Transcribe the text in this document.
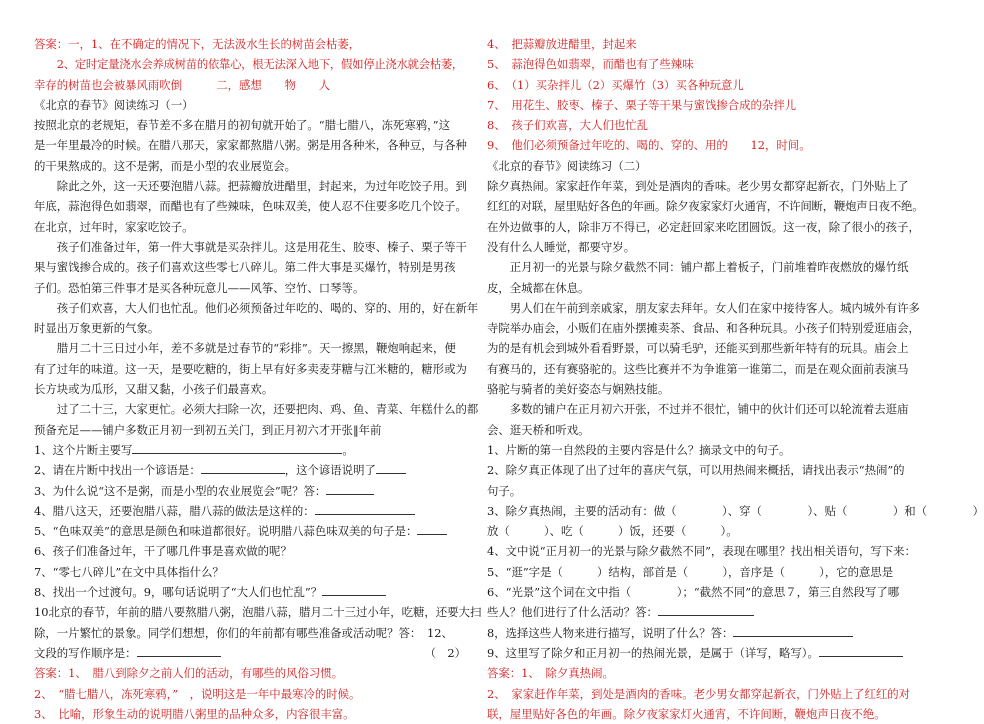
答案：一，1、在不确定的情况下，无法汲水生长的树苗会枯萎，
2、定时定量浇水会养成树苗的依靠心，根无法深入地下，假如停止浇水就会枯萎，
幸存的树苗也会被暴风雨吹倒　　　二，感想　　物　　人
《北京的春节》阅读练习（一）
按照北京的老规矩，春节差不多在腊月的初旬就开始了。“腊七腊八，冻死寒鸦，”这
是一年里最冷的时候。在腊八那天，家家都熬腊八粥。粥是用各种米，各种豆，与各种
的干果熬成的。这不是粥，而是小型的农业展览会。
除此之外，这一天还要泡腊八蒜。把蒜瓣放进醋里，封起来，为过年吃饺子用。到
年底，蒜泡得色如翡翠，而醋也有了些辣味，色味双美，使人忍不住要多吃几个饺子。
在北京，过年时，家家吃饺子。
孩子们准备过年，第一件大事就是买杂拌儿。这是用花生、胶枣、榛子、栗子等干
果与蜜饯掺合成的。孩子们喜欢这些零七八碎儿。第二件大事是买爆竹，特别是男孩
子们。恐怕第三件事才是买各种玩意儿——风筝、空竹、口琴等。
孩子们欢喜，大人们也忙乱。他们必须预备过年吃的、喝的、穿的、用的，好在新年
时显出万象更新的气象。
腊月二十三日过小年，差不多就是过春节的“彩排”。天一擦黑，鞭炮响起来，便
有了过年的味道。这一天，是要吃糖的，街上早有好多卖麦芽糖与江米糖的，糖形或为
长方块或为瓜形，又甜又黏，小孩子们最喜欢。
过了二十三，大家更忙。必须大扫除一次，还要把肉、鸡、鱼、青菜、年糕什么的都
预备充足——铺户多数正月初一到初五关门，到正月初六才开张‖年前
1、这个片断主要写	。
2、请在片断中找出一个谚语是：	，这个谚语说明了
3、为什么说“这不是粥，而是小型的农业展览会”呢？答：
4、腊八这天，还要泡腊八蒜，腊八蒜的做法是这样的：
5、“色味双美”的意思是颜色和味道都很好。说明腊八蒜色味双美的句子是：
6、孩子们准备过年，干了哪几件事是喜欢做的呢？
7、“零七八碎儿”在文中具体指什么？
8、找出一个过渡句。9，哪句话说明了“大人们也忙乱”？
10北京的春节，年前的腊八要熬腊八粥，泡腊八蒜，腊月二十三过小年，吃糖，还要大扫
除，一片繁忙的景象。同学们想想，你们的年前都有哪些准备或活动呢？答：　12、
文段的写作顺序是：	（　2）
答案：1、　腊八到除夕之前人们的活动，有哪些的风俗习惯。
2、　“腊七腊八，冻死寒鸦，”　，说明这是一年中最寒冷的时候。
3、　比喻，形象生动的说明腊八粥里的品种众多，内容很丰富。
4、　把蒜瓣放进醋里，封起来
5、　蒜泡得色如翡翠，而醋也有了些辣味
6、　（1）买杂拌儿（2）买爆竹（3）买各种玩意儿
7、　用花生、胶枣、榛子、栗子等干果与蜜饯掺合成的杂拌儿
8、　孩子们欢喜，大人们也忙乱
9、　他们必须预备过年吃的、喝的、穿的、用的　　12，时间。
《北京的春节》阅读练习（二）
除夕真热闹。家家赶作年菜，到处是酒肉的香味。老少男女都穿起新衣，门外贴上了
红红的对联，屋里贴好各色的年画。除夕夜家家灯火通宵，不许间断，鞭炮声日夜不绝。
在外边做事的人，除非万不得已，必定赶回家来吃团圆饭。这一夜，除了很小的孩子，
没有什么人睡觉，都要守岁。
正月初一的光景与除夕截然不同：铺户都上着板子，门前堆着昨夜燃放的爆竹纸
皮，全城都在休息。
男人们在午前到亲戚家，朋友家去拜年。女人们在家中接待客人。城内城外有许多
寺院举办庙会，小贩们在庙外摆摊卖茶、食品、和各种玩具。小孩子们特别爱逛庙会，
为的是有机会到城外看看野景，可以骑毛驴，还能买到那些新年特有的玩具。庙会上
有赛马的，还有赛骆驼的。这些比赛并不为争谁第一谁第二，而是在观众面前表演马
骆驼与骑者的美好姿态与娴熟技能。
多数的铺户在正月初六开张，不过并不很忙，铺中的伙计们还可以轮流着去逛庙
会、逛天桥和听戏。
1、片断的第一自然段的主要内容是什么？摘录文中的句子。
2、除夕真正体现了出了过年的喜庆气氛，可以用热闹来概括，请找出表示“热闹”的
句子。
3、除夕真热闹，主要的活动有：做（　　　　）、穿（　　　　）、贴（　　　　）和（　　　　）
放（　　　）、吃（　　　）饭，还要（　　　）。
4、文中说“正月初一的光景与除夕截然不同”，表现在哪里？找出相关语句，写下来：
5、“逛”字是（　　　）结构，部首是（　　　），音序是（　　　），它的意思是
6、“光景”这个词在文中指（　　　　）；“截然不同”的意思７，第三自然段写了哪
些人？他们进行了什么活动？答：
8，选择这些人物来进行描写，说明了什么？答：
9、这里写了除夕和正月初一的热闹光景，是属于（详写，略写）。
答案：1、　除夕真热闹。
2、　家家赶作年菜，到处是酒肉的香味。老少男女都穿起新衣，门外贴上了红红的对
联，屋里贴好各色的年画。除夕夜家家灯火通宵，不许间断，鞭炮声日夜不绝。
